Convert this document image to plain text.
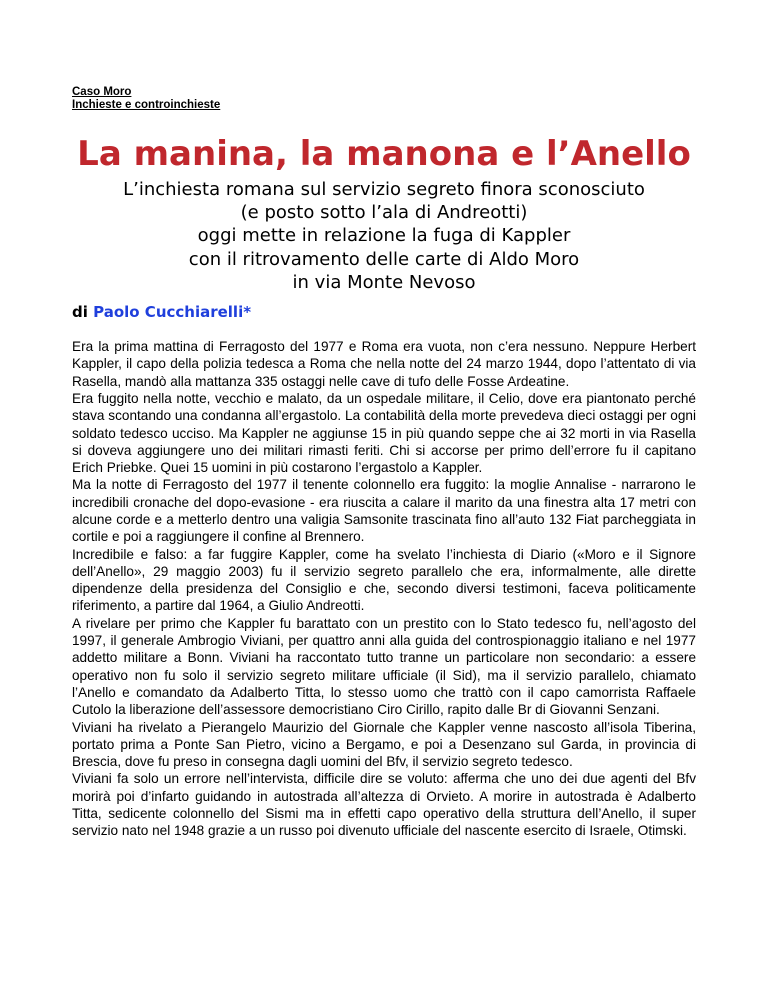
Caso Moro

Inchieste e controinchieste

La manina, la manona e l’Anello
L’inchiesta romana sul servizio segreto finora sconosciuto
(e posto sotto l’ala di Andreotti)
oggi mette in relazione la fuga di Kappler
con il ritrovamento delle carte di Aldo Moro
in via Monte Nevoso
di Paolo Cucchiarelli*

Era la prima mattina di Ferragosto del 1977 e Roma era vuota, non c’era nessuno. Neppure Herbert Kappler, il capo della polizia tedesca a Roma che nella notte del 24 marzo 1944, dopo l’attentato di via Rasella, mandò alla mattanza 335 ostaggi nelle cave di tufo delle Fosse Ardeatine.

Era fuggito nella notte, vecchio e malato, da un ospedale militare, il Celio, dove era piantonato perché stava scontando una condanna all’ergastolo. La contabilità della morte prevedeva dieci ostaggi per ogni soldato tedesco ucciso. Ma Kappler ne aggiunse 15 in più quando seppe che ai 32 morti in via Rasella si doveva aggiungere uno dei militari rimasti feriti. Chi si accorse per primo dell’errore fu il capitano Erich Priebke. Quei 15 uomini in più costarono l’ergastolo a Kappler.

Ma la notte di Ferragosto del 1977 il tenente colonnello era fuggito: la moglie Annalise - narrarono le incredibili cronache del dopo-evasione - era riuscita a calare il marito da una finestra alta 17 metri con alcune corde e a metterlo dentro una valigia Samsonite trascinata fino all’auto 132 Fiat parcheggiata in cortile e poi a raggiungere il confine al Brennero.

Incredibile e falso: a far fuggire Kappler, come ha svelato l’inchiesta di Diario («Moro e il Signore dell’Anello», 29 maggio 2003) fu il servizio segreto parallelo che era, informalmente, alle dirette dipendenze della presidenza del Consiglio e che, secondo diversi testimoni, faceva politicamente riferimento, a partire dal 1964, a Giulio Andreotti.

A rivelare per primo che Kappler fu barattato con un prestito con lo Stato tedesco fu, nell’agosto del 1997, il generale Ambrogio Viviani, per quattro anni alla guida del controspionaggio italiano e nel 1977 addetto militare a Bonn. Viviani ha raccontato tutto tranne un particolare non secondario: a essere operativo non fu solo il servizio segreto militare ufficiale (il Sid), ma il servizio parallelo, chiamato l’Anello e comandato da Adalberto Titta, lo stesso uomo che trattò con il capo camorrista Raffaele Cutolo la liberazione dell’assessore democristiano Ciro Cirillo, rapito dalle Br di Giovanni Senzani.

Viviani ha rivelato a Pierangelo Maurizio del Giornale che Kappler venne nascosto all’isola Tiberina, portato prima a Ponte San Pietro, vicino a Bergamo, e poi a Desenzano sul Garda, in provincia di Brescia, dove fu preso in consegna dagli uomini del Bfv, il servizio segreto tedesco.

Viviani fa solo un errore nell’intervista, difficile dire se voluto: afferma che uno dei due agenti del Bfv morirà poi d’infarto guidando in autostrada all’altezza di Orvieto. A morire in autostrada è Adalberto Titta, sedicente colonnello del Sismi ma in effetti capo operativo della struttura dell’Anello, il super servizio nato nel 1948 grazie a un russo poi divenuto ufficiale del nascente esercito di Israele, Otimski.
